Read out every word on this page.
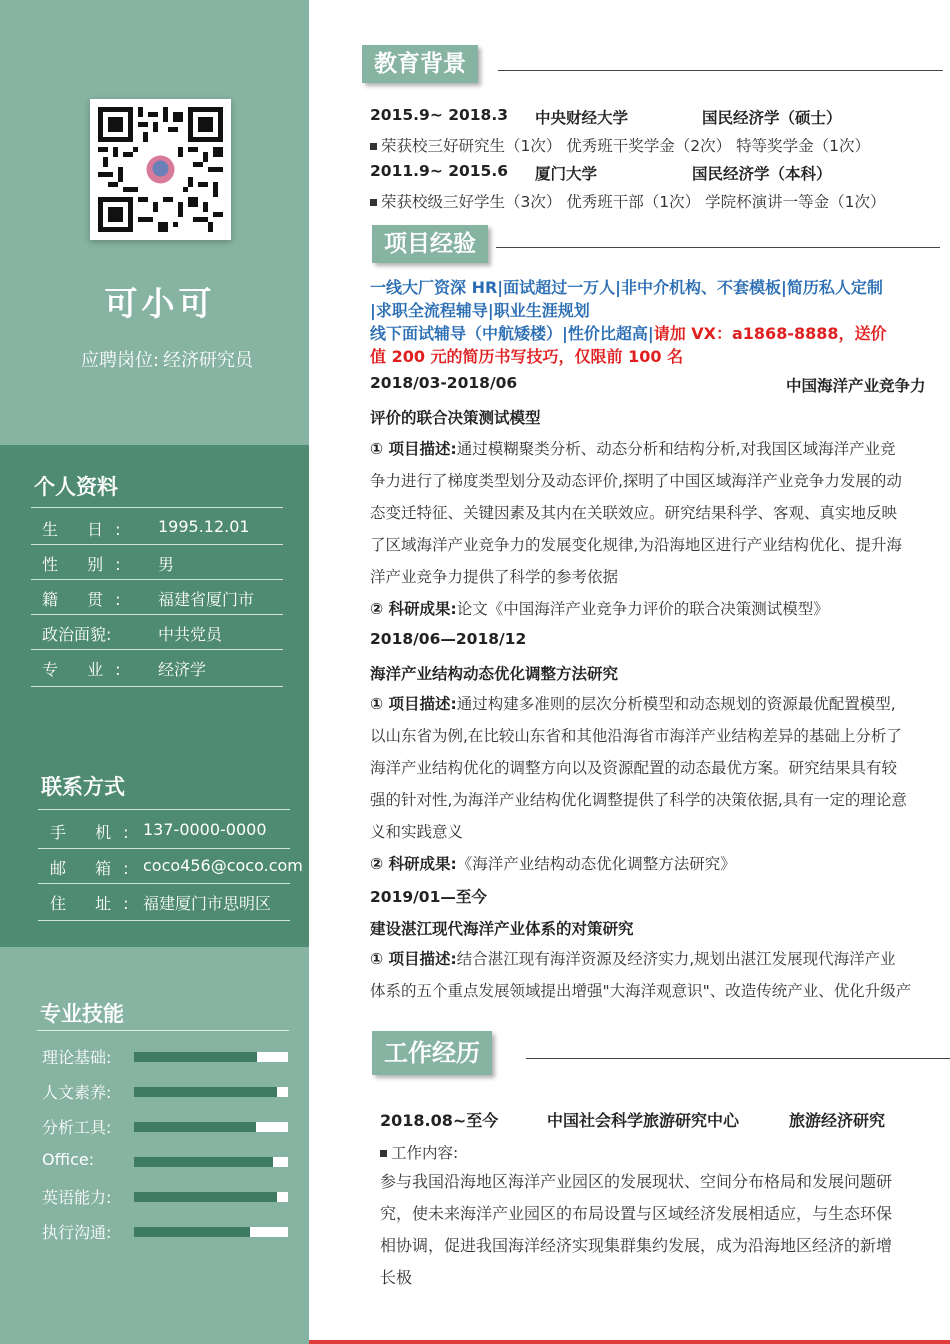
可小可
应聘岗位: 经济研究员
个人资料
生 日: 1995.12.01
性 别: 男
籍 贯: 福建省厦门市
政治面貌:	中共党员
专 业: 经济学
联系方式
手 机: 137-0000-0000
邮 箱: coco456@coco.com
住 址: 福建厦门市思明区
专业技能
理论基础:
人文素养:
分析工具:
Office:
英语能力:
执行沟通:
教育背景
2015.9~ 2018.3 中央财经大学	国民经济学（硕士）
荣获校三好研究生（1次） 优秀班干奖学金（2次） 特等奖学金（1次）
2011.9~ 2015.6 厦门大学	国民经济学（本科）
荣获校级三好学生（3次） 优秀班干部（1次） 学院杯演讲一等金（1次）
项目经验
一线大厂资深 HR|面试超过一万人|非中介机构、不套模板|简历私人定制
|求职全流程辅导|职业生涯规划
线下面试辅导（中航矮楼）|性价比超高|请加 VX：a1868-8888，送价
值 200 元的简历书写技巧，仅限前 100 名
2018/03-2018/06	中国海洋产业竞争力
评价的联合决策测试模型
① 项目描述:通过模糊聚类分析、动态分析和结构分析,对我国区域海洋产业竞
争力进行了梯度类型划分及动态评价,探明了中国区域海洋产业竞争力发展的动
态变迁特征、关键因素及其内在关联效应。研究结果科学、客观、真实地反映
了区域海洋产业竞争力的发展变化规律,为沿海地区进行产业结构优化、提升海
洋产业竞争力提供了科学的参考依据
② 科研成果:论文《中国海洋产业竞争力评价的联合决策测试模型》
2018/06—2018/12
海洋产业结构动态优化调整方法研究
① 项目描述:通过构建多准则的层次分析模型和动态规划的资源最优配置模型,
以山东省为例,在比较山东省和其他沿海省市海洋产业结构差异的基础上分析了
海洋产业结构优化的调整方向以及资源配置的动态最优方案。研究结果具有较
强的针对性,为海洋产业结构优化调整提供了科学的决策依据,具有一定的理论意
义和实践意义
② 科研成果:《海洋产业结构动态优化调整方法研究》
2019/01—至今
建设湛江现代海洋产业体系的对策研究
① 项目描述:结合湛江现有海洋资源及经济实力,规划出湛江发展现代海洋产业
体系的五个重点发展领域提出增强"大海洋观意识"、改造传统产业、优化升级产
工作经历
2018.08~至今	中国社会科学旅游研究中心	旅游经济研究
工作内容:
参与我国沿海地区海洋产业园区的发展现状、空间分布格局和发展问题研
究，使未来海洋产业园区的布局设置与区域经济发展相适应，与生态环保
相协调，促进我国海洋经济实现集群集约发展，成为沿海地区经济的新增
长极
